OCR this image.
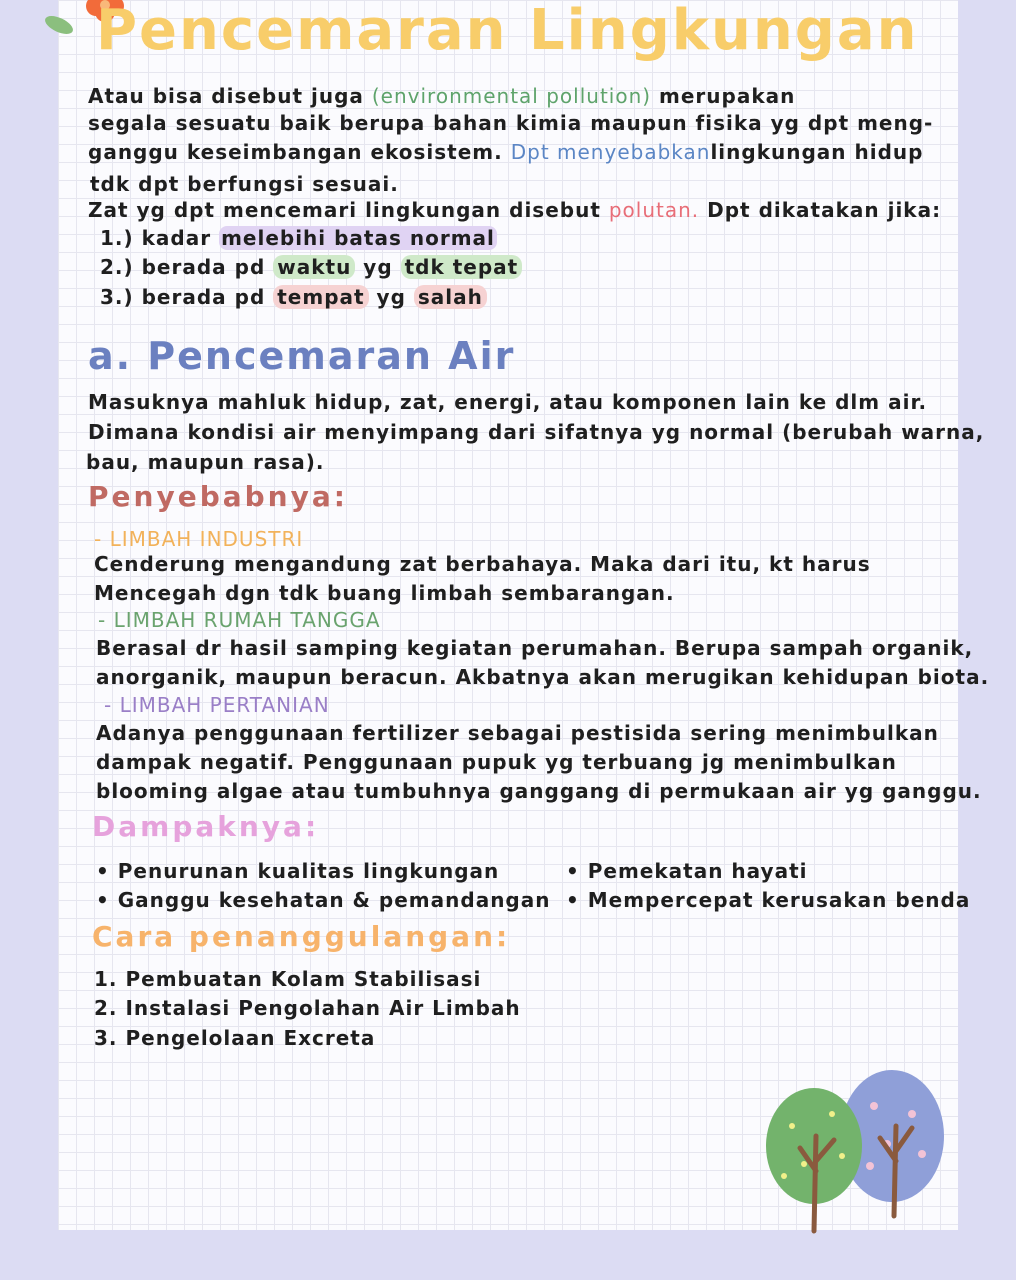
Pencemaran Lingkungan
Atau bisa disebut juga (environmental pollution) merupakan
segala sesuatu baik berupa bahan kimia maupun fisika yg dpt meng-
ganggu keseimbangan ekosistem. Dpt menyebabkanlingkungan hidup
tdk dpt berfungsi sesuai.
Zat yg dpt mencemari lingkungan disebut polutan. Dpt dikatakan jika:
1.) kadar melebihi batas normal
2.) berada pd waktu yg tdk tepat
3.) berada pd tempat yg salah
a. Pencemaran Air
Masuknya mahluk hidup, zat, energi, atau komponen lain ke dlm air.
Dimana kondisi air menyimpang dari sifatnya yg normal (berubah warna,
bau, maupun rasa).
Penyebabnya:
- LIMBAH INDUSTRI
Cenderung mengandung zat berbahaya. Maka dari itu, kt harus
Mencegah dgn tdk buang limbah sembarangan.
- LIMBAH RUMAH TANGGA
Berasal dr hasil samping kegiatan perumahan. Berupa sampah organik,
anorganik, maupun beracun. Akbatnya akan merugikan kehidupan biota.
- LIMBAH PERTANIAN
Adanya penggunaan fertilizer sebagai pestisida sering menimbulkan
dampak negatif. Penggunaan pupuk yg terbuang jg menimbulkan
blooming algae atau tumbuhnya ganggang di permukaan air yg ganggu.
Dampaknya:
• Penurunan kualitas lingkungan
• Ganggu kesehatan & pemandangan
• Pemekatan hayati
• Mempercepat kerusakan benda
Cara penanggulangan:
1. Pembuatan Kolam Stabilisasi
2. Instalasi Pengolahan Air Limbah
3. Pengelolaan Excreta
